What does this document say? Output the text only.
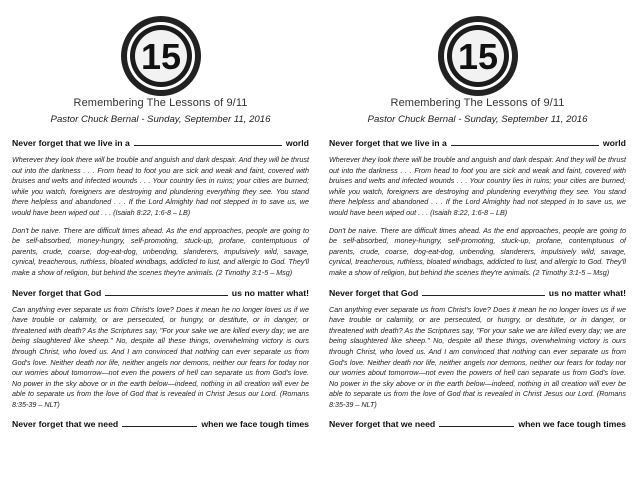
15
Remembering The Lessons of 9/11
Pastor Chuck Bernal - Sunday, September 11, 2016
Never forget that we live in a	world

Wherever they look there will be trouble and anguish and dark despair. And they will be thrust out into the darkness . . . From head to foot you are sick and weak and faint, covered with bruises and welts and infected wounds . . . Your country lies in ruins; your cities are burned; while you watch, foreigners are destroying and plundering everything they see. You stand there helpless and abandoned . . . If the Lord Almighty had not stepped in to save us, we would have been wiped out . . . (Isaiah 8:22, 1:6-8 – LB)

Don't be naive. There are difficult times ahead. As the end approaches, people are going to be self-absorbed, money-hungry, self-promoting, stuck-up, profane, contemptuous of parents, crude, coarse, dog-eat-dog, unbending, slanderers, impulsively wild, savage, cynical, treacherous, ruthless, bloated windbags, addicted to lust, and allergic to God. They'll make a show of religion, but behind the scenes they're animals. (2 Timothy 3:1-5 – Msg)

Never forget that God	us no matter what!

Can anything ever separate us from Christ's love? Does it mean he no longer loves us if we have trouble or calamity, or are persecuted, or hungry, or destitute, or in danger, or threatened with death? As the Scriptures say, "For your sake we are killed every day; we are being slaughtered like sheep." No, despite all these things, overwhelming victory is ours through Christ, who loved us. And I am convinced that nothing can ever separate us from God's love. Neither death nor life, neither angels nor demons, neither our fears for today nor our worries about tomorrow—not even the powers of hell can separate us from God's love. No power in the sky above or in the earth below—indeed, nothing in all creation will ever be able to separate us from the love of God that is revealed in Christ Jesus our Lord. (Romans 8:35-39 – NLT)

Never forget that we need	when we face tough times
15
Remembering The Lessons of 9/11
Pastor Chuck Bernal - Sunday, September 11, 2016
Never forget that we live in a	world

Wherever they look there will be trouble and anguish and dark despair. And they will be thrust out into the darkness . . . From head to foot you are sick and weak and faint, covered with bruises and welts and infected wounds . . . Your country lies in ruins; your cities are burned; while you watch, foreigners are destroying and plundering everything they see. You stand there helpless and abandoned . . . If the Lord Almighty had not stepped in to save us, we would have been wiped out . . . (Isaiah 8:22, 1:6-8 – LB)

Don't be naive. There are difficult times ahead. As the end approaches, people are going to be self-absorbed, money-hungry, self-promoting, stuck-up, profane, contemptuous of parents, crude, coarse, dog-eat-dog, unbending, slanderers, impulsively wild, savage, cynical, treacherous, ruthless, bloated windbags, addicted to lust, and allergic to God. They'll make a show of religion, but behind the scenes they're animals. (2 Timothy 3:1-5 – Msg)

Never forget that God	us no matter what!

Can anything ever separate us from Christ's love? Does it mean he no longer loves us if we have trouble or calamity, or are persecuted, or hungry, or destitute, or in danger, or threatened with death? As the Scriptures say, "For your sake we are killed every day; we are being slaughtered like sheep." No, despite all these things, overwhelming victory is ours through Christ, who loved us. And I am convinced that nothing can ever separate us from God's love. Neither death nor life, neither angels nor demons, neither our fears for today nor our worries about tomorrow—not even the powers of hell can separate us from God's love. No power in the sky above or in the earth below—indeed, nothing in all creation will ever be able to separate us from the love of God that is revealed in Christ Jesus our Lord. (Romans 8:35-39 – NLT)

Never forget that we need	when we face tough times
